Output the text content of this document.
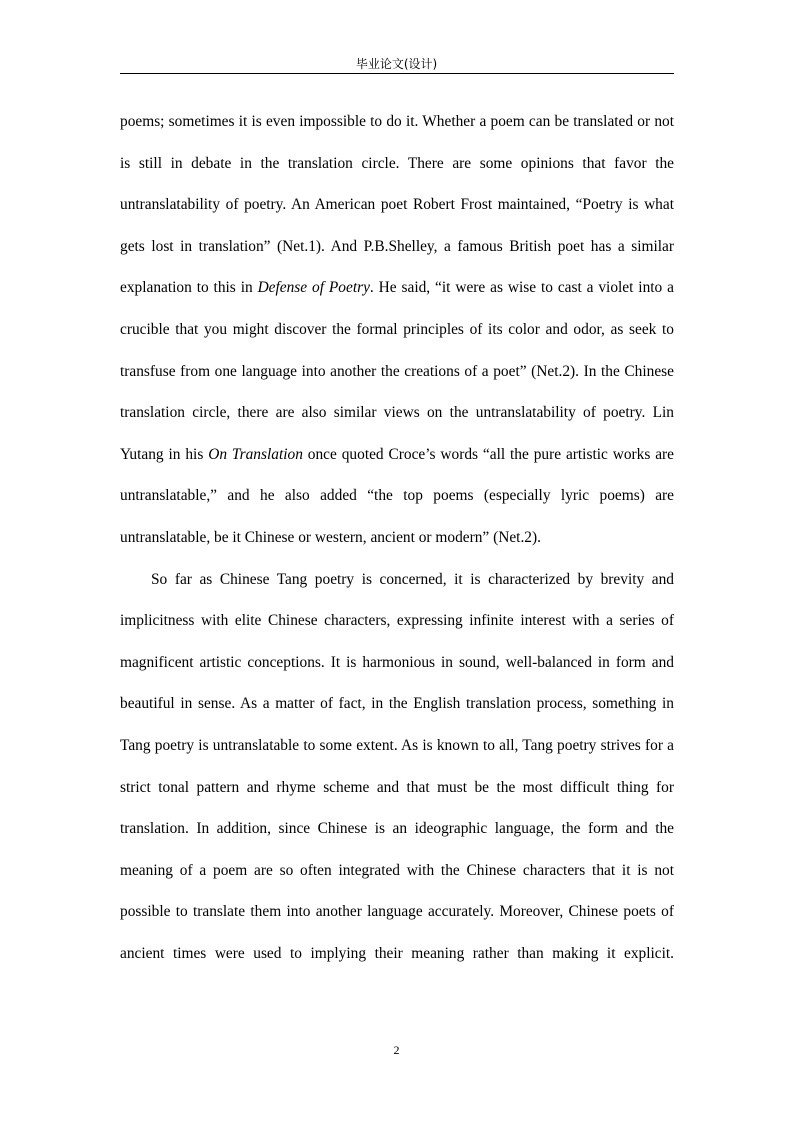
毕业论文(设计)

poems; sometimes it is even impossible to do it. Whether a poem can be translated or not is still in debate in the translation circle. There are some opinions that favor the untranslatability of poetry. An American poet Robert Frost maintained, “Poetry is what gets lost in translation” (Net.1). And P.B.Shelley, a famous British poet has a similar explanation to this in Defense of Poetry. He said, “it were as wise to cast a violet into a crucible that you might discover the formal principles of its color and odor, as seek to transfuse from one language into another the creations of a poet” (Net.2). In the Chinese translation circle, there are also similar views on the untranslatability of poetry. Lin Yutang in his On Translation once quoted Croce’s words “all the pure artistic works are untranslatable,” and he also added “the top poems (especially lyric poems) are untranslatable, be it Chinese or western, ancient or modern” (Net.2).

So far as Chinese Tang poetry is concerned, it is characterized by brevity and implicitness with elite Chinese characters, expressing infinite interest with a series of magnificent artistic conceptions. It is harmonious in sound, well-balanced in form and beautiful in sense. As a matter of fact, in the English translation process, something in Tang poetry is untranslatable to some extent. As is known to all, Tang poetry strives for a strict tonal pattern and rhyme scheme and that must be the most difficult thing for translation. In addition, since Chinese is an ideographic language, the form and the meaning of a poem are so often integrated with the Chinese characters that it is not possible to translate them into another language accurately. Moreover, Chinese poets of ancient times were used to implying their meaning rather than making it explicit.

2
